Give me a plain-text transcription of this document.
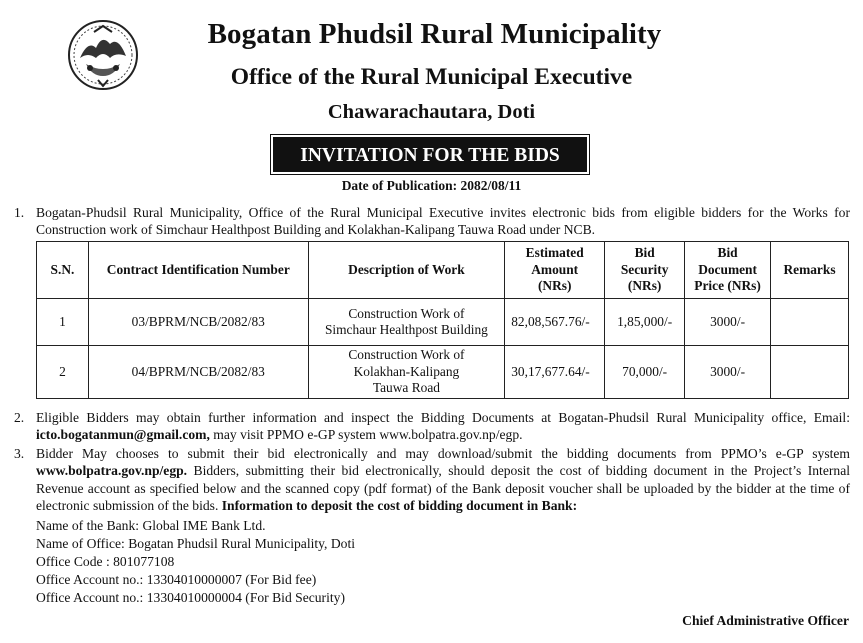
Bogatan Phudsil Rural Municipality
Office of the Rural Municipal Executive
Chawarachautara, Doti
INVITATION FOR THE BIDS
Date of Publication: 2082/08/11
1. Bogatan-Phudsil Rural Municipality, Office of the Rural Municipal Executive invites electronic bids from eligible bidders for the Works for Construction work of Simchaur Healthpost Building and Kolakhan-Kalipang Tauwa Road under NCB.
S.N.	Contract Identification Number	Description of Work	Estimated
Amount
(NRs)	Bid
Security
(NRs)	Bid
Document
Price (NRs)	Remarks
1	03/BPRM/NCB/2082/83	Construction Work of
Simchaur Healthpost Building	82,08,567.76/-	1,85,000/-	3000/-	
2	04/BPRM/NCB/2082/83	Construction Work of
Kolakhan-Kalipang
Tauwa Road	30,17,677.64/-	70,000/-	3000/-	
2. Eligible Bidders may obtain further information and inspect the Bidding Documents at Bogatan-Phudsil Rural Municipality office, Email: icto.bogatanmun@gmail.com, may visit PPMO e-GP system www.bolpatra.gov.np/egp.
3. Bidder May chooses to submit their bid electronically and may download/submit the bidding documents from PPMO’s e-GP system www.bolpatra.gov.np/egp. Bidders, submitting their bid electronically, should deposit the cost of bidding document in the Project’s Internal Revenue account as specified below and the scanned copy (pdf format) of the Bank deposit voucher shall be uploaded by the bidder at the time of electronic submission of the bids. Information to deposit the cost of bidding document in Bank:
Name of the Bank: Global IME Bank Ltd.
Name of Office: Bogatan Phudsil Rural Municipality, Doti
Office Code : 801077108
Office Account no.: 13304010000007 (For Bid fee)
Office Account no.: 13304010000004 (For Bid Security)
Chief Administrative Officer
